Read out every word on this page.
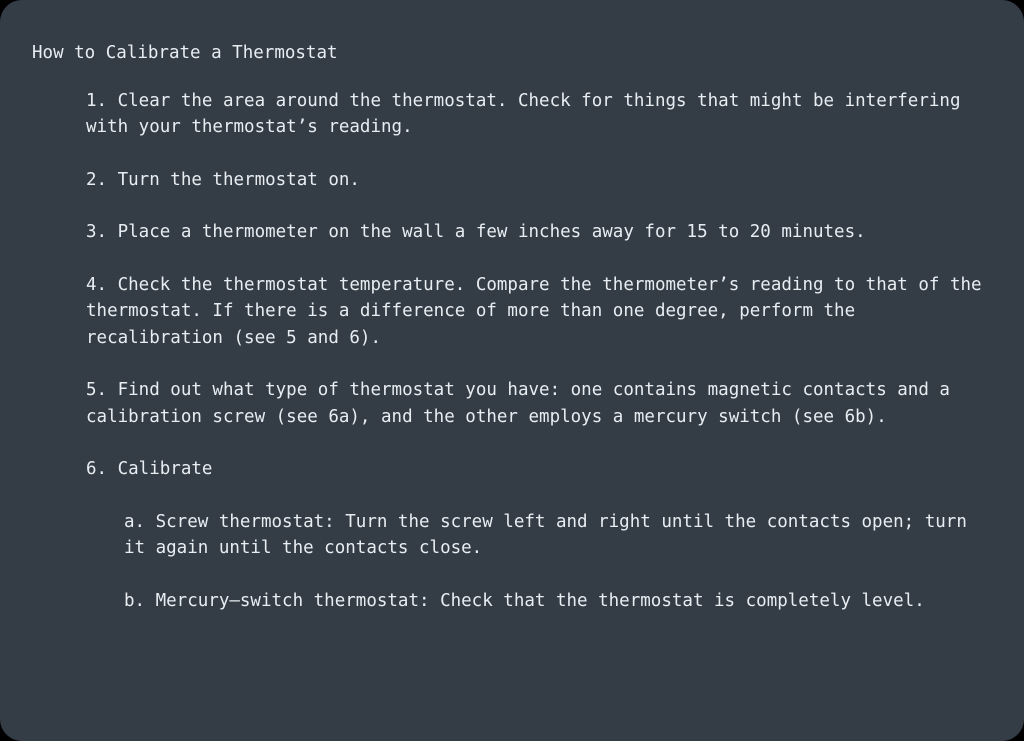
How to Calibrate a Thermostat

1. Clear the area around the thermostat. Check for things that might be interfering with your thermostat’s reading.

2. Turn the thermostat on.

3. Place a thermometer on the wall a few inches away for 15 to 20 minutes.

4. Check the thermostat temperature. Compare the thermometer’s reading to that of the thermostat. If there is a difference of more than one degree, perform the recalibration (see 5 and 6).

5. Find out what type of thermostat you have: one contains magnetic contacts and a calibration screw (see 6a), and the other employs a mercury switch (see 6b).

6. Calibrate

a. Screw thermostat: Turn the screw left and right until the contacts open; turn it again until the contacts close.

b. Mercury—switch thermostat: Check that the thermostat is completely level.
